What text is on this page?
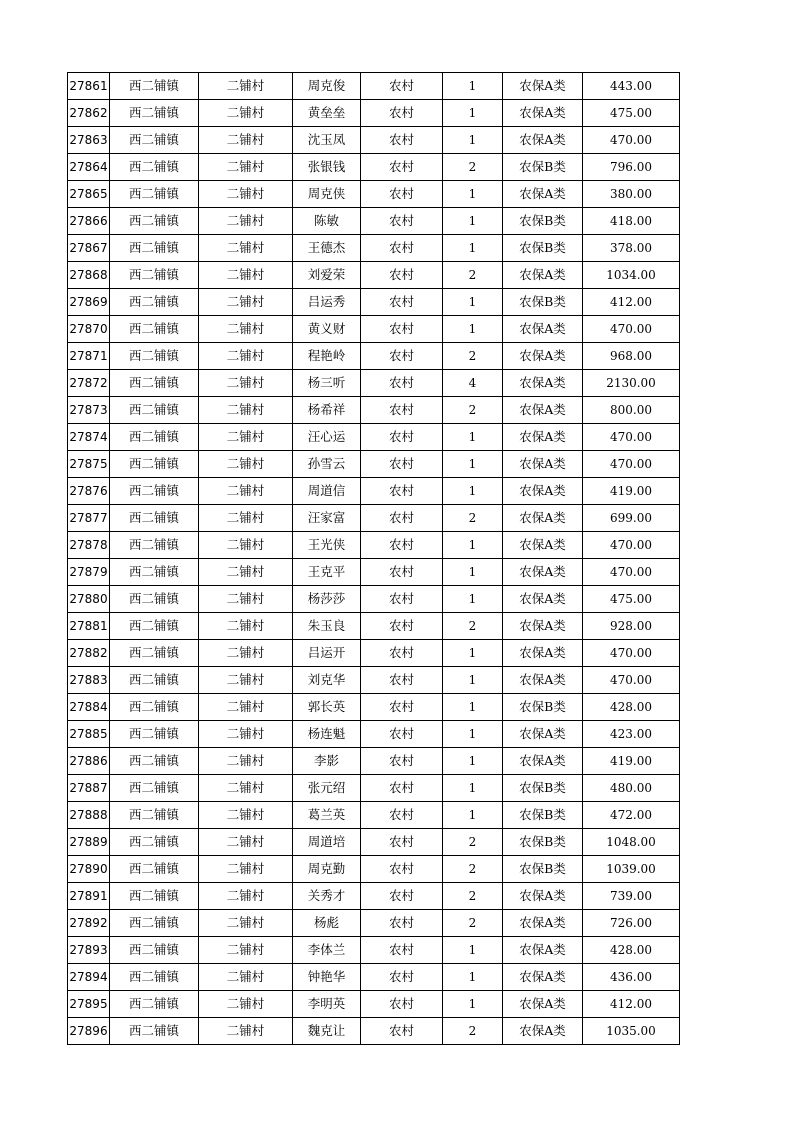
27861	西二铺镇	二铺村	周克俊	农村	1	农保A类	443.00
27862	西二铺镇	二铺村	黄垒垒	农村	1	农保A类	475.00
27863	西二铺镇	二铺村	沈玉凤	农村	1	农保A类	470.00
27864	西二铺镇	二铺村	张银钱	农村	2	农保B类	796.00
27865	西二铺镇	二铺村	周克侠	农村	1	农保A类	380.00
27866	西二铺镇	二铺村	陈敏	农村	1	农保B类	418.00
27867	西二铺镇	二铺村	王德杰	农村	1	农保B类	378.00
27868	西二铺镇	二铺村	刘爱荣	农村	2	农保A类	1034.00
27869	西二铺镇	二铺村	吕运秀	农村	1	农保B类	412.00
27870	西二铺镇	二铺村	黄义财	农村	1	农保A类	470.00
27871	西二铺镇	二铺村	程艳岭	农村	2	农保A类	968.00
27872	西二铺镇	二铺村	杨三听	农村	4	农保A类	2130.00
27873	西二铺镇	二铺村	杨希祥	农村	2	农保A类	800.00
27874	西二铺镇	二铺村	汪心运	农村	1	农保A类	470.00
27875	西二铺镇	二铺村	孙雪云	农村	1	农保A类	470.00
27876	西二铺镇	二铺村	周道信	农村	1	农保A类	419.00
27877	西二铺镇	二铺村	汪家富	农村	2	农保A类	699.00
27878	西二铺镇	二铺村	王光侠	农村	1	农保A类	470.00
27879	西二铺镇	二铺村	王克平	农村	1	农保A类	470.00
27880	西二铺镇	二铺村	杨莎莎	农村	1	农保A类	475.00
27881	西二铺镇	二铺村	朱玉良	农村	2	农保A类	928.00
27882	西二铺镇	二铺村	吕运开	农村	1	农保A类	470.00
27883	西二铺镇	二铺村	刘克华	农村	1	农保A类	470.00
27884	西二铺镇	二铺村	郭长英	农村	1	农保B类	428.00
27885	西二铺镇	二铺村	杨连魁	农村	1	农保A类	423.00
27886	西二铺镇	二铺村	李影	农村	1	农保A类	419.00
27887	西二铺镇	二铺村	张元绍	农村	1	农保B类	480.00
27888	西二铺镇	二铺村	葛兰英	农村	1	农保B类	472.00
27889	西二铺镇	二铺村	周道培	农村	2	农保B类	1048.00
27890	西二铺镇	二铺村	周克勤	农村	2	农保B类	1039.00
27891	西二铺镇	二铺村	关秀才	农村	2	农保A类	739.00
27892	西二铺镇	二铺村	杨彪	农村	2	农保A类	726.00
27893	西二铺镇	二铺村	李体兰	农村	1	农保A类	428.00
27894	西二铺镇	二铺村	钟艳华	农村	1	农保A类	436.00
27895	西二铺镇	二铺村	李明英	农村	1	农保A类	412.00
27896	西二铺镇	二铺村	魏克让	农村	2	农保A类	1035.00
